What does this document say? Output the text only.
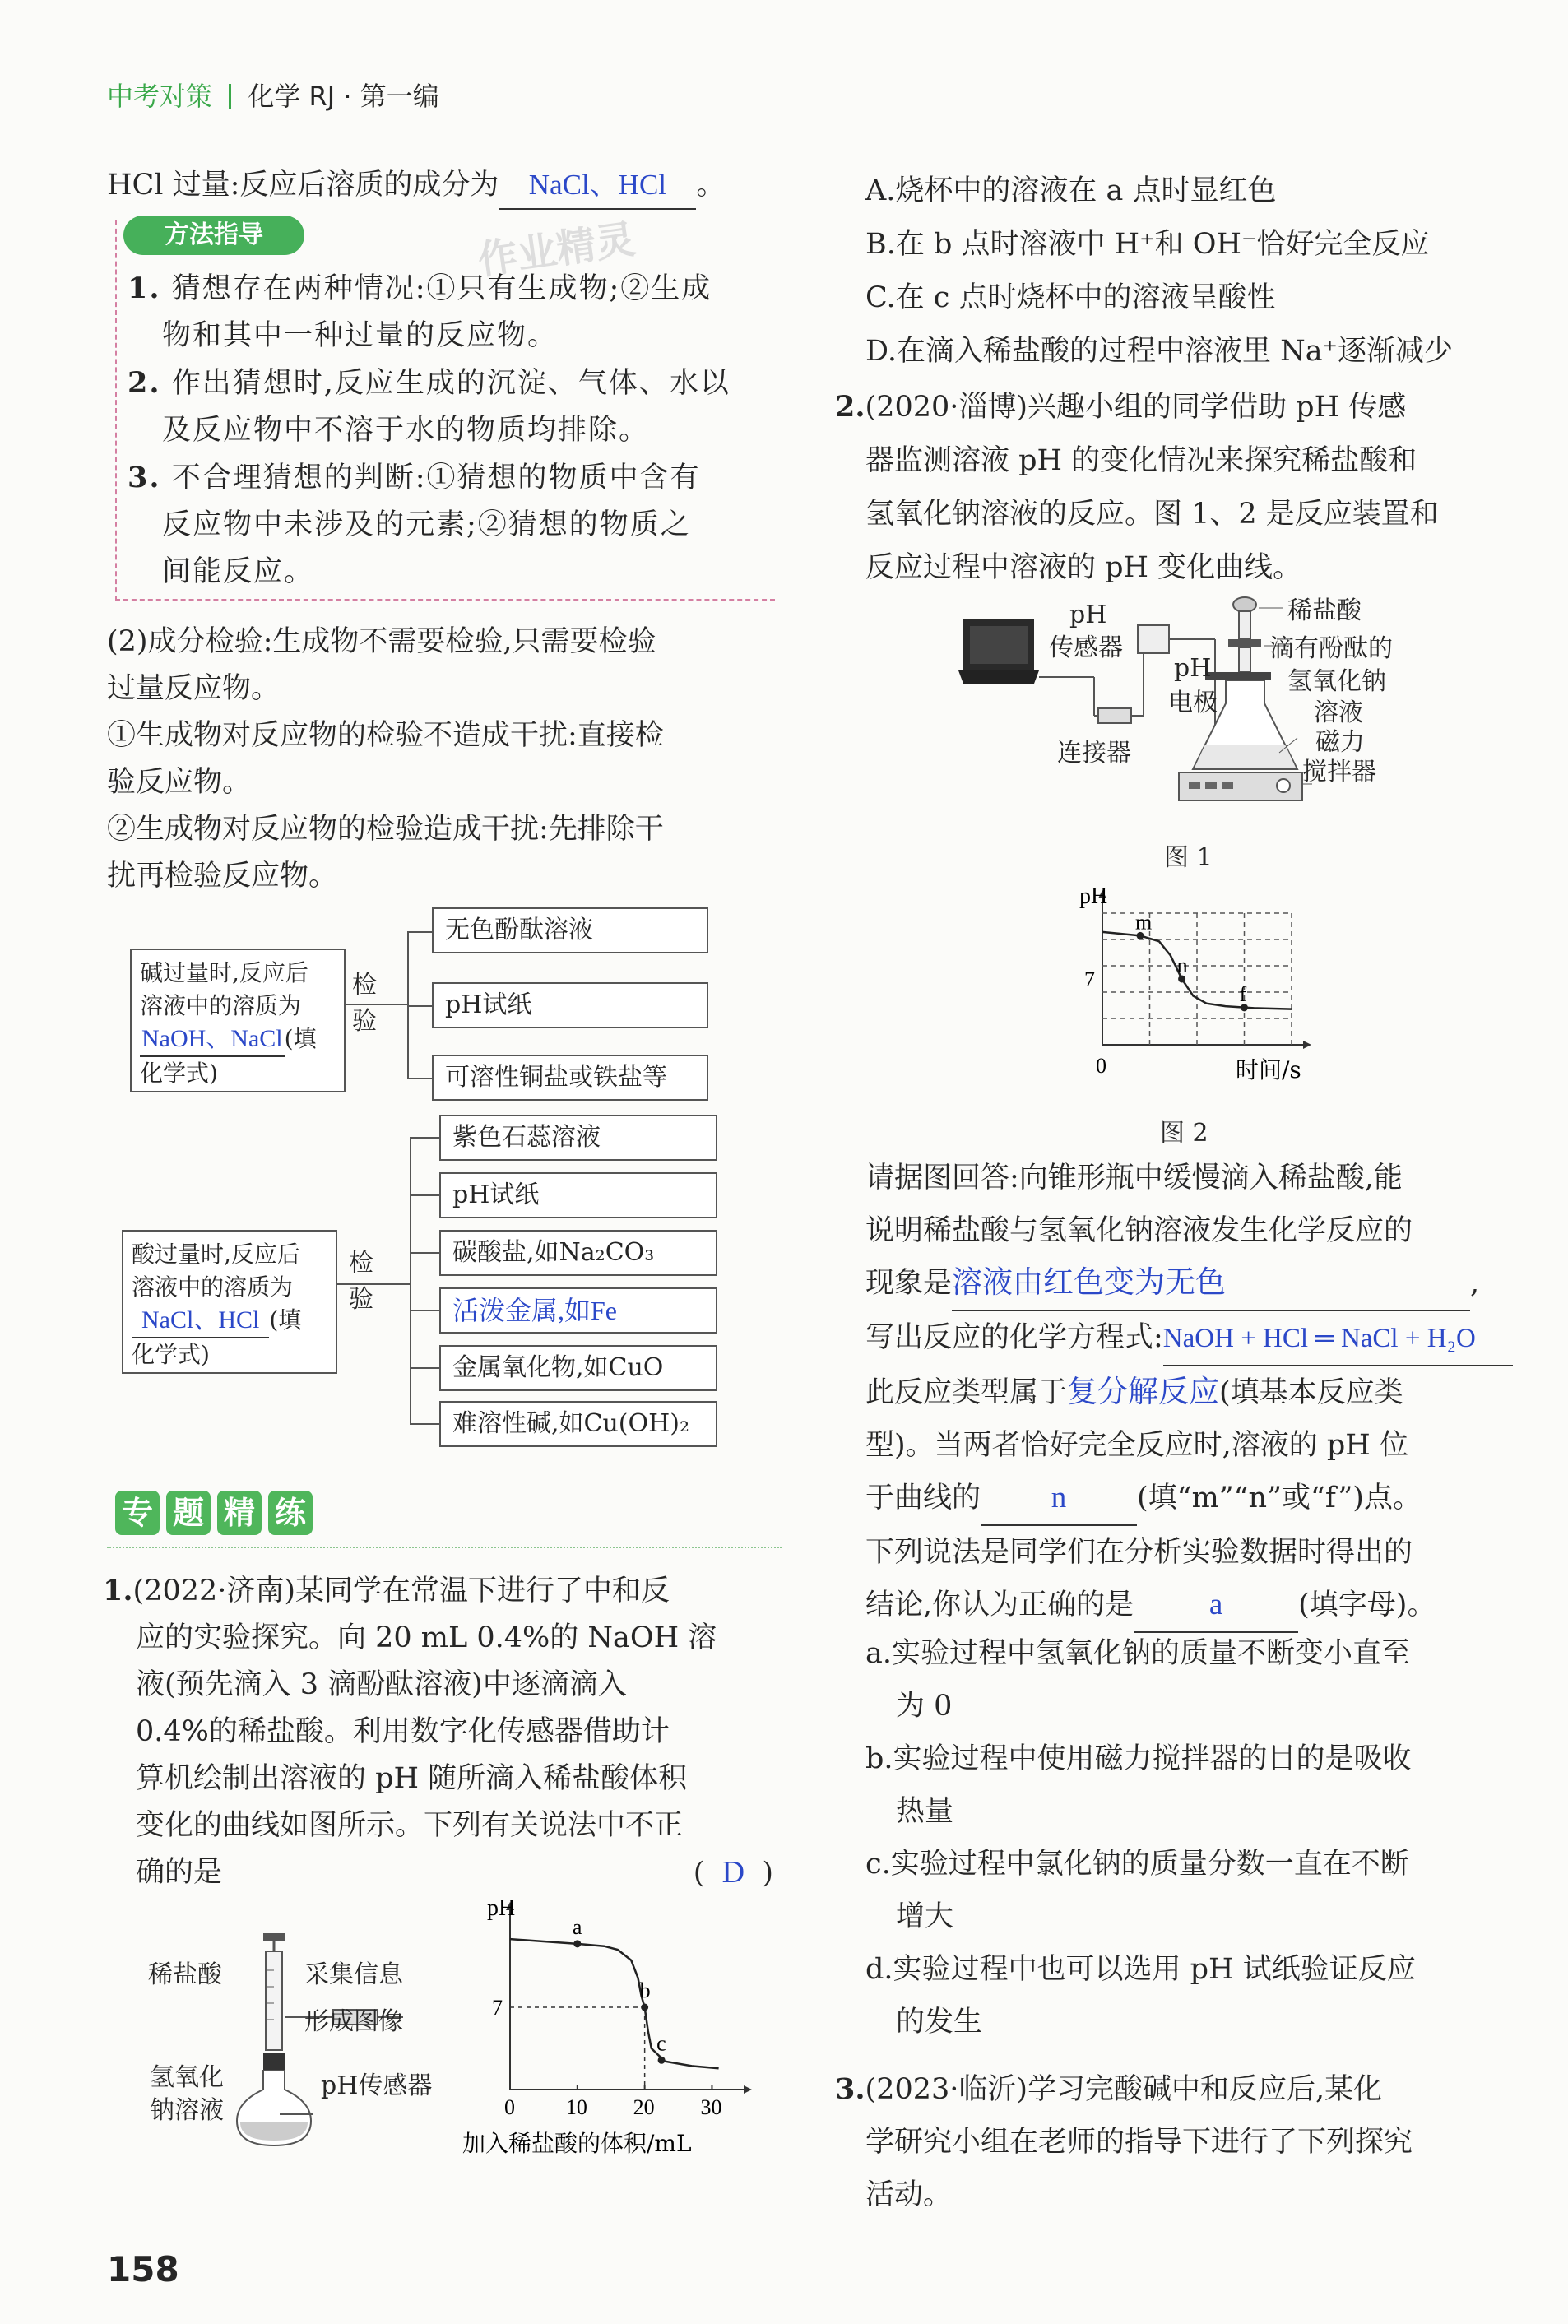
中考对策 化学 RJ · 第一编
HCl 过量:反应后溶质的成分为 NaCl、HCl 。
方法指导	作业精灵
1. 猜想存在两种情况:①只有生成物;②生成
物和其中一种过量的反应物。
2. 作出猜想时,反应生成的沉淀、气体、水以
及反应物中不溶于水的物质均排除。
3. 不合理猜想的判断:①猜想的物质中含有
反应物中未涉及的元素;②猜想的物质之
间能反应。
(2)成分检验:生成物不需要检验,只需要检验
过量反应物。
①生成物对反应物的检验不造成干扰:直接检
验反应物。
②生成物对反应物的检验造成干扰:先排除干
扰再检验反应物。
碱过量时,反应后
溶液中的溶质为
NaOH、NaCl(填
化学式)
检验
无色酚酞溶液
pH试纸
可溶性铜盐或铁盐等
酸过量时,反应后
溶液中的溶质为
NaCl、HCl (填
化学式)
检验
紫色石蕊溶液
pH试纸
碳酸盐,如Na₂CO₃
活泼金属,如Fe
金属氧化物,如CuO
难溶性碱,如Cu(OH)₂
专 题 精 练
1.(2022·济南)某同学在常温下进行了中和反
应的实验探究。向 20 mL 0.4%的 NaOH 溶
液(预先滴入 3 滴酚酞溶液)中逐滴滴入
0.4%的稀盐酸。利用数字化传感器借助计
算机绘制出溶液的 pH 随所滴入稀盐酸体积
变化的曲线如图所示。下列有关说法中不正
确的是	( D )
稀盐酸	采集信息
形成图像
氢氧化
钠溶液
pH传感器
pH
7
0 10 20 30
加入稀盐酸的体积/mL
a
b
c
158
A.烧杯中的溶液在 a 点时显红色
B.在 b 点时溶液中 H⁺和 OH⁻恰好完全反应
C.在 c 点时烧杯中的溶液呈酸性
D.在滴入稀盐酸的过程中溶液里 Na⁺逐渐减少
2.(2020·淄博)兴趣小组的同学借助 pH 传感
器监测溶液 pH 的变化情况来探究稀盐酸和
氢氧化钠溶液的反应。图 1、2 是反应装置和
反应过程中溶液的 pH 变化曲线。
稀盐酸
pH
传感器
pH
电极
滴有酚酞的
氢氧化钠
溶液
磁力
搅拌器
连接器
图 1
pH
7
0	时间/s
m
n
f
图 2
请据图回答:向锥形瓶中缓慢滴入稀盐酸,能
说明稀盐酸与氢氧化钠溶液发生化学反应的
现象是溶液由红色变为无色	,
写出反应的化学方程式:NaOH + HCl ═ NaCl + H₂O
此反应类型属于复分解反应(填基本反应类
型)。当两者恰好完全反应时,溶液的 pH 位
于曲线的 n (填“m”“n”或“f”)点。
下列说法是同学们在分析实验数据时得出的
结论,你认为正确的是 a	(填字母)。
a.实验过程中氢氧化钠的质量不断变小直至
为 0
b.实验过程中使用磁力搅拌器的目的是吸收
热量
c.实验过程中氯化钠的质量分数一直在不断
增大
d.实验过程中也可以选用 pH 试纸验证反应
的发生
3.(2023·临沂)学习完酸碱中和反应后,某化
学研究小组在老师的指导下进行了下列探究
活动。
